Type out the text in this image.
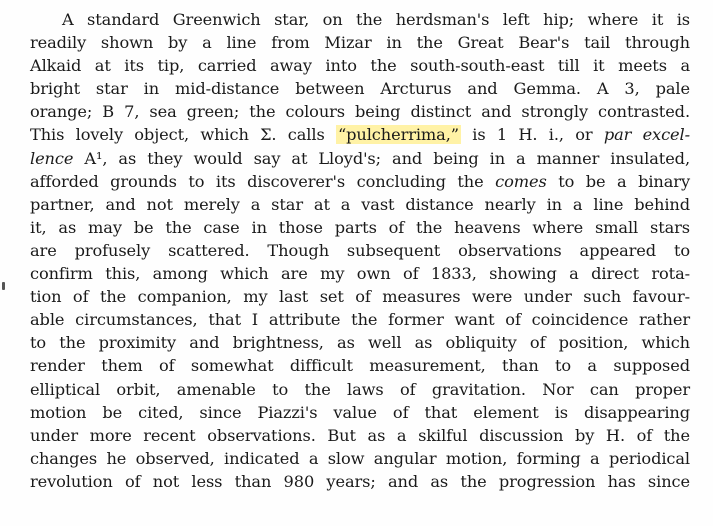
A standard Greenwich star, on the herdsman's left hip; where it is
readily shown by a line from Mizar in the Great Bear's tail through
Alkaid at its tip, carried away into the south-south-east till it meets a
bright star in mid-distance between Arcturus and Gemma. A 3, pale
orange; B 7, sea green; the colours being distinct and strongly contrasted.
This lovely object, which Σ. calls “pulcherrima,” is 1 H. i., or par excel-
lence A¹, as they would say at Lloyd's; and being in a manner insulated,
afforded grounds to its discoverer's concluding the comes to be a binary
partner, and not merely a star at a vast distance nearly in a line behind
it, as may be the case in those parts of the heavens where small stars
are profusely scattered. Though subsequent observations appeared to
confirm this, among which are my own of 1833, showing a direct rota-
tion of the companion, my last set of measures were under such favour-
able circumstances, that I attribute the former want of coincidence rather
to the proximity and brightness, as well as obliquity of position, which
render them of somewhat difficult measurement, than to a supposed
elliptical orbit, amenable to the laws of gravitation. Nor can proper
motion be cited, since Piazzi's value of that element is disappearing
under more recent observations. But as a skilful discussion by H. of the
changes he observed, indicated a slow angular motion, forming a periodical
revolution of not less than 980 years; and as the progression has since
